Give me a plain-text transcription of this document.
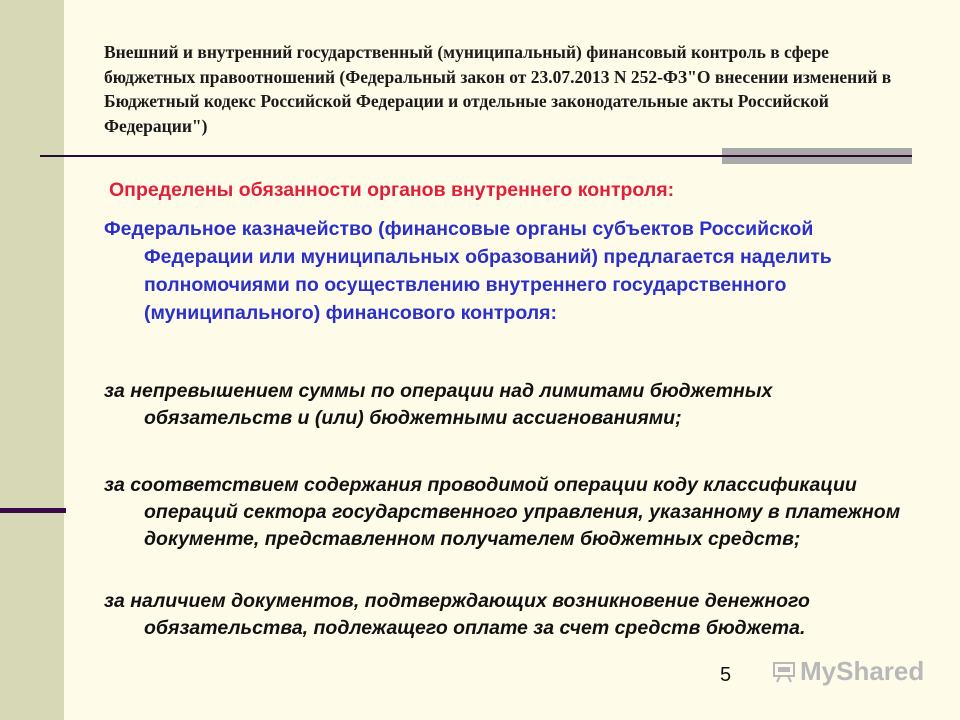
Внешний и внутренний государственный (муниципальный) финансовый контроль в сфере бюджетных правоотношений (Федеральный закон от 23.07.2013 N 252-ФЗ"О внесении изменений в Бюджетный кодекс Российской Федерации и отдельные законодательные акты Российской Федерации")

Определены обязанности органов внутреннего контроля:

Федеральное казначейство (финансовые органы субъектов Российской Федерации или муниципальных образований) предлагается наделить полномочиями по осуществлению внутреннего государственного (муниципального) финансового контроля:

за непревышением суммы по операции над лимитами бюджетных обязательств и (или) бюджетными ассигнованиями;

за соответствием содержания проводимой операции коду классификации операций сектора государственного управления, указанному в платежном документе, представленном получателем бюджетных средств;

за наличием документов, подтверждающих возникновение денежного обязательства, подлежащего оплате за счет средств бюджета.

5	MyShared
